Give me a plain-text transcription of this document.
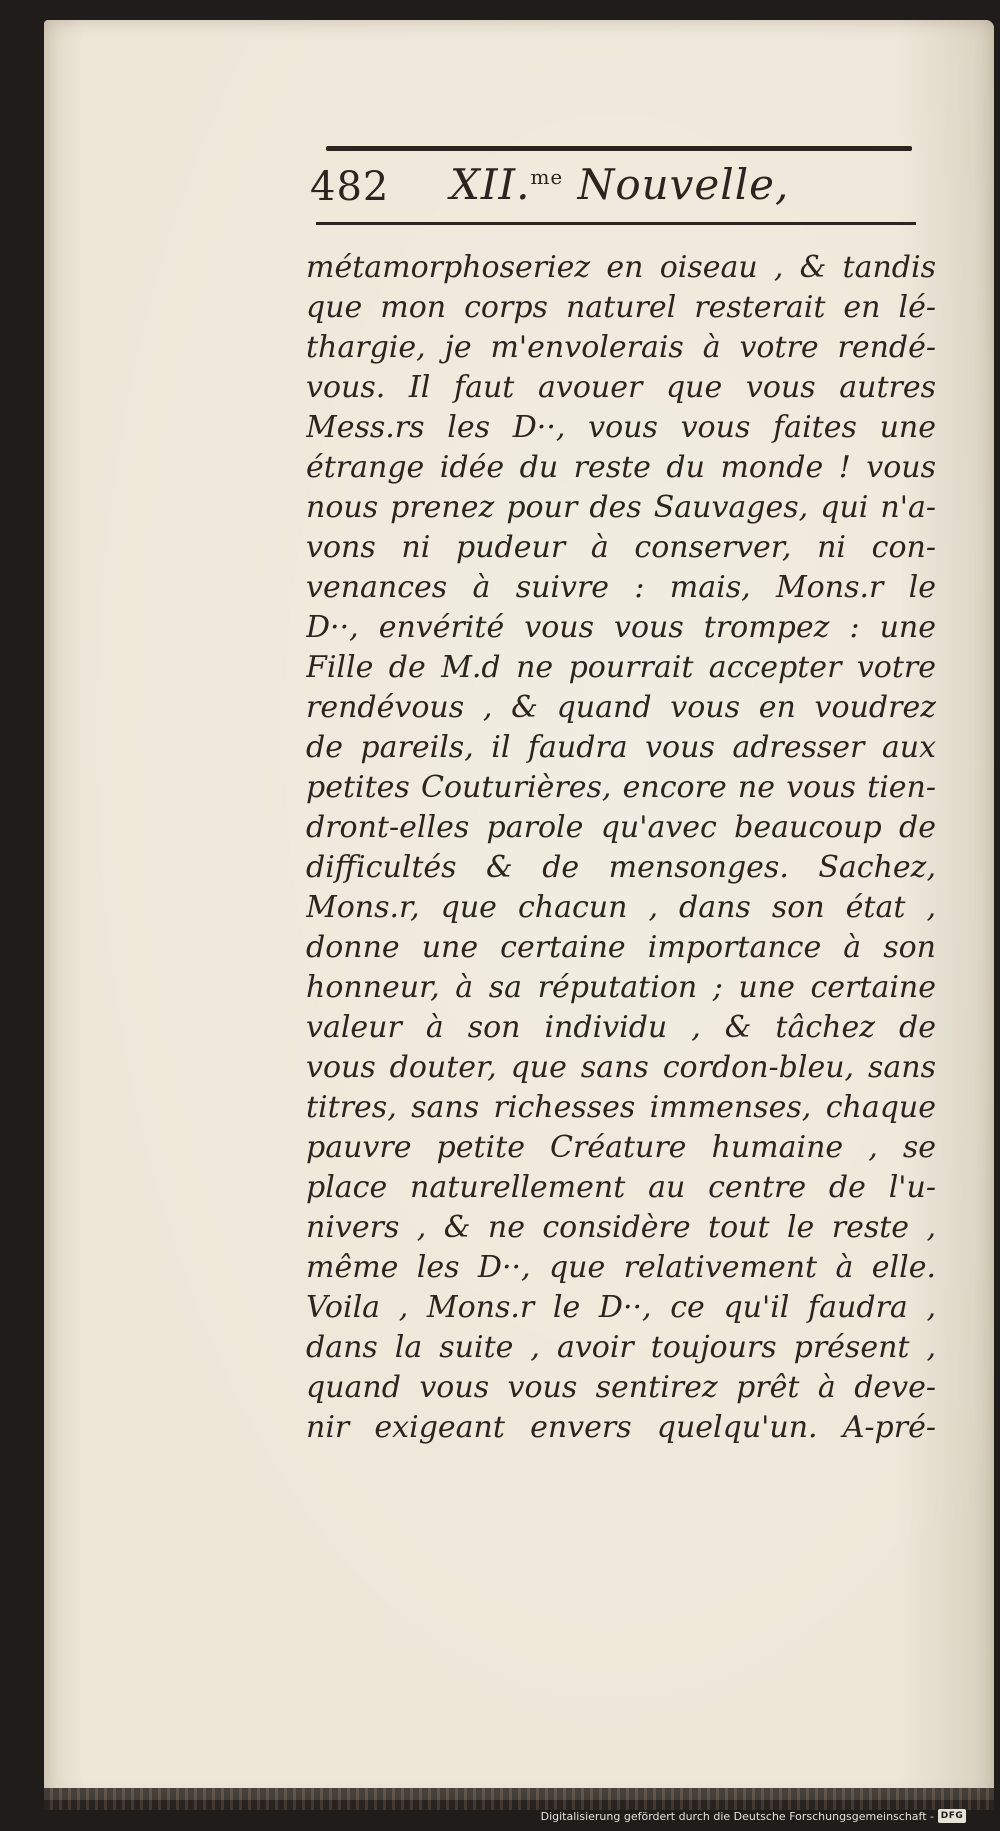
482 XII.$^{me}$ Nouvelle,
métamorphoseriez en oiseau , & tandis
que mon corps naturel resterait en lé-
thargie, je m'envolerais à votre rendé-
vous. Il faut avouer que vous autres
Mess.rs les D··, vous vous faites une
étrange idée du reste du monde ! vous
nous prenez pour des Sauvages, qui n'a-
vons ni pudeur à conserver, ni con-
venances à suivre : mais, Mons.r le
D··, envérité vous vous trompez : une
Fille de M.d ne pourrait accepter votre
rendévous , & quand vous en voudrez
de pareils, il faudra vous adresser aux
petites Couturières, encore ne vous tien-
dront-elles parole qu'avec beaucoup de
difficultés & de mensonges. Sachez,
Mons.r, que chacun , dans son état ,
donne une certaine importance à son
honneur, à sa réputation ; une certaine
valeur à son individu , & tâchez de
vous douter, que sans cordon-bleu, sans
titres, sans richesses immenses, chaque
pauvre petite Créature humaine , se
place naturellement au centre de l'u-
nivers , & ne considère tout le reste ,
même les D··, que relativement à elle.
Voila , Mons.r le D··, ce qu'il faudra ,
dans la suite , avoir toujours présent ,
quand vous vous sentirez prêt à deve-
nir exigeant envers quelqu'un. A-pré-
Digitalisierung gefördert durch die Deutsche Forschungsgemeinschaft - DFG
